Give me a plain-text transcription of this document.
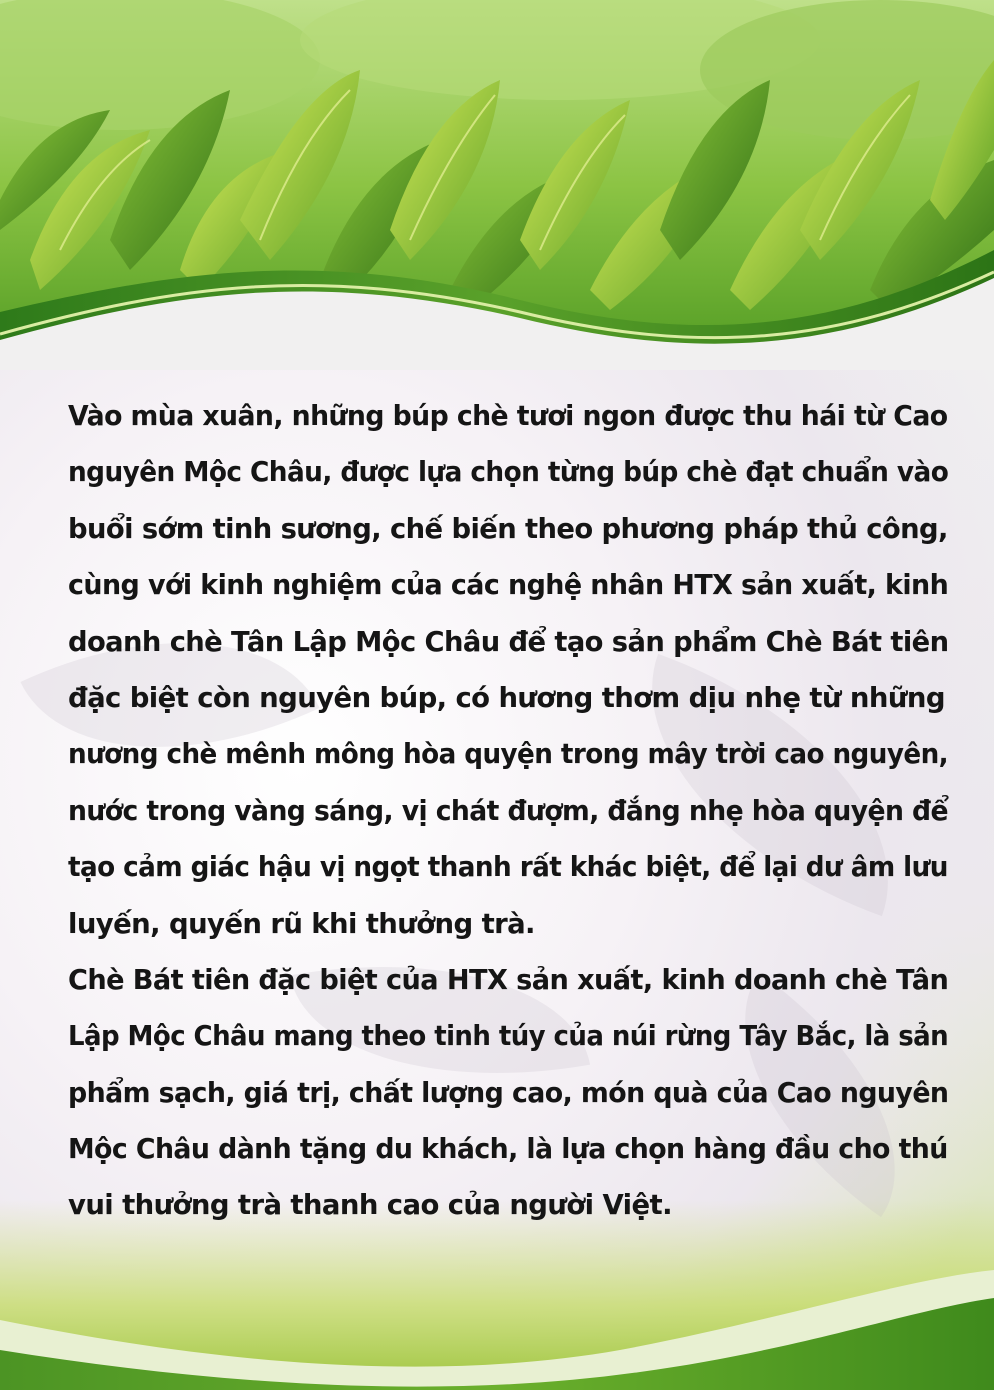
Vào mùa xuân, những búp chè tươi ngon được thu hái từ Cao
nguyên Mộc Châu, được lựa chọn từng búp chè đạt chuẩn vào
buổi sớm tinh sương, chế biến theo phương pháp thủ công,
cùng với kinh nghiệm của các nghệ nhân HTX sản xuất, kinh
doanh chè Tân Lập Mộc Châu để tạo sản phẩm Chè Bát tiên
đặc biệt còn nguyên búp, có hương thơm dịu nhẹ từ những
nương chè mênh mông hòa quyện trong mây trời cao nguyên,
nước trong vàng sáng, vị chát đượm, đắng nhẹ hòa quyện để
tạo cảm giác hậu vị ngọt thanh rất khác biệt, để lại dư âm lưu
luyến, quyến rũ khi thưởng trà.
Chè Bát tiên đặc biệt của HTX sản xuất, kinh doanh chè Tân
Lập Mộc Châu mang theo tinh túy của núi rừng Tây Bắc, là sản
phẩm sạch, giá trị, chất lượng cao, món quà của Cao nguyên
Mộc Châu dành tặng du khách, là lựa chọn hàng đầu cho thú
vui thưởng trà thanh cao của người Việt.
